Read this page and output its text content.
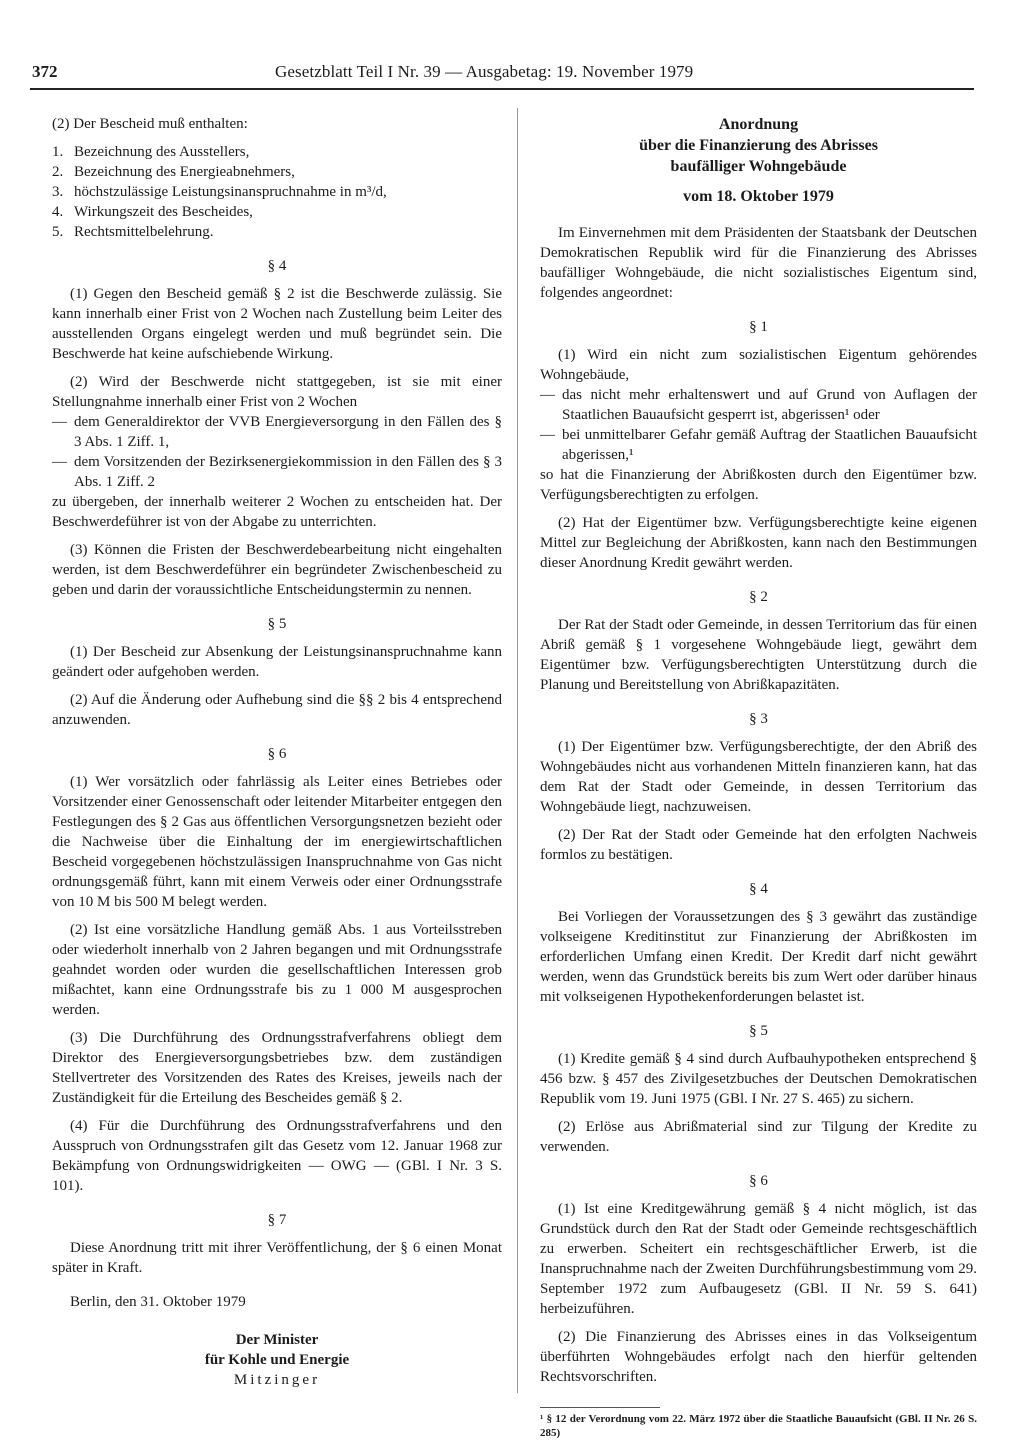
372	Gesetzblatt Teil I Nr. 39 — Ausgabetag: 19. November 1979

(2) Der Bescheid muß enthalten:

1. Bezeichnung des Ausstellers,

2. Bezeichnung des Energieabnehmers,

3. höchstzulässige Leistungsinanspruchnahme in m³/d,

4. Wirkungszeit des Bescheides,

5. Rechtsmittelbelehrung.

§ 4

(1) Gegen den Bescheid gemäß § 2 ist die Beschwerde zulässig. Sie kann innerhalb einer Frist von 2 Wochen nach Zustellung beim Leiter des ausstellenden Organs eingelegt werden und muß begründet sein. Die Beschwerde hat keine aufschiebende Wirkung.

(2) Wird der Beschwerde nicht stattgegeben, ist sie mit einer Stellungnahme innerhalb einer Frist von 2 Wochen

— dem Generaldirektor der VVB Energieversorgung in den Fällen des § 3 Abs. 1 Ziff. 1,

— dem Vorsitzenden der Bezirksenergiekommission in den Fällen des § 3 Abs. 1 Ziff. 2

zu übergeben, der innerhalb weiterer 2 Wochen zu entscheiden hat. Der Beschwerdeführer ist von der Abgabe zu unterrichten.

(3) Können die Fristen der Beschwerdebearbeitung nicht eingehalten werden, ist dem Beschwerdeführer ein begründeter Zwischenbescheid zu geben und darin der voraussichtliche Entscheidungstermin zu nennen.

§ 5

(1) Der Bescheid zur Absenkung der Leistungsinanspruchnahme kann geändert oder aufgehoben werden.

(2) Auf die Änderung oder Aufhebung sind die §§ 2 bis 4 entsprechend anzuwenden.

§ 6

(1) Wer vorsätzlich oder fahrlässig als Leiter eines Betriebes oder Vorsitzender einer Genossenschaft oder leitender Mitarbeiter entgegen den Festlegungen des § 2 Gas aus öffentlichen Versorgungsnetzen bezieht oder die Nachweise über die Einhaltung der im energiewirtschaftlichen Bescheid vorgegebenen höchstzulässigen Inanspruchnahme von Gas nicht ordnungsgemäß führt, kann mit einem Verweis oder einer Ordnungsstrafe von 10 M bis 500 M belegt werden.

(2) Ist eine vorsätzliche Handlung gemäß Abs. 1 aus Vorteilsstreben oder wiederholt innerhalb von 2 Jahren begangen und mit Ordnungsstrafe geahndet worden oder wurden die gesellschaftlichen Interessen grob mißachtet, kann eine Ordnungsstrafe bis zu 1 000 M ausgesprochen werden.

(3) Die Durchführung des Ordnungsstrafverfahrens obliegt dem Direktor des Energieversorgungsbetriebes bzw. dem zuständigen Stellvertreter des Vorsitzenden des Rates des Kreises, jeweils nach der Zuständigkeit für die Erteilung des Bescheides gemäß § 2.

(4) Für die Durchführung des Ordnungsstrafverfahrens und den Ausspruch von Ordnungsstrafen gilt das Gesetz vom 12. Januar 1968 zur Bekämpfung von Ordnungswidrigkeiten — OWG — (GBl. I Nr. 3 S. 101).

§ 7

Diese Anordnung tritt mit ihrer Veröffentlichung, der § 6 einen Monat später in Kraft.

Berlin, den 31. Oktober 1979

Der Minister

für Kohle und Energie

Mitzinger

Anordnung

über die Finanzierung des Abrisses

baufälliger Wohngebäude

vom 18. Oktober 1979

Im Einvernehmen mit dem Präsidenten der Staatsbank der Deutschen Demokratischen Republik wird für die Finanzierung des Abrisses baufälliger Wohngebäude, die nicht sozialistisches Eigentum sind, folgendes angeordnet:

§ 1

(1) Wird ein nicht zum sozialistischen Eigentum gehörendes Wohngebäude,

— das nicht mehr erhaltenswert und auf Grund von Auflagen der Staatlichen Bauaufsicht gesperrt ist, abgerissen¹ oder

— bei unmittelbarer Gefahr gemäß Auftrag der Staatlichen Bauaufsicht abgerissen,¹

so hat die Finanzierung der Abrißkosten durch den Eigentümer bzw. Verfügungsberechtigten zu erfolgen.

(2) Hat der Eigentümer bzw. Verfügungsberechtigte keine eigenen Mittel zur Begleichung der Abrißkosten, kann nach den Bestimmungen dieser Anordnung Kredit gewährt werden.

§ 2

Der Rat der Stadt oder Gemeinde, in dessen Territorium das für einen Abriß gemäß § 1 vorgesehene Wohngebäude liegt, gewährt dem Eigentümer bzw. Verfügungsberechtigten Unterstützung durch die Planung und Bereitstellung von Abrißkapazitäten.

§ 3

(1) Der Eigentümer bzw. Verfügungsberechtigte, der den Abriß des Wohngebäudes nicht aus vorhandenen Mitteln finanzieren kann, hat das dem Rat der Stadt oder Gemeinde, in dessen Territorium das Wohngebäude liegt, nachzuweisen.

(2) Der Rat der Stadt oder Gemeinde hat den erfolgten Nachweis formlos zu bestätigen.

§ 4

Bei Vorliegen der Voraussetzungen des § 3 gewährt das zuständige volkseigene Kreditinstitut zur Finanzierung der Abrißkosten im erforderlichen Umfang einen Kredit. Der Kredit darf nicht gewährt werden, wenn das Grundstück bereits bis zum Wert oder darüber hinaus mit volkseigenen Hypothekenforderungen belastet ist.

§ 5

(1) Kredite gemäß § 4 sind durch Aufbauhypotheken entsprechend § 456 bzw. § 457 des Zivilgesetzbuches der Deutschen Demokratischen Republik vom 19. Juni 1975 (GBl. I Nr. 27 S. 465) zu sichern.

(2) Erlöse aus Abrißmaterial sind zur Tilgung der Kredite zu verwenden.

§ 6

(1) Ist eine Kreditgewährung gemäß § 4 nicht möglich, ist das Grundstück durch den Rat der Stadt oder Gemeinde rechtsgeschäftlich zu erwerben. Scheitert ein rechtsgeschäftlicher Erwerb, ist die Inanspruchnahme nach der Zweiten Durchführungsbestimmung vom 29. September 1972 zum Aufbaugesetz (GBl. II Nr. 59 S. 641) herbeizuführen.

(2) Die Finanzierung des Abrisses eines in das Volkseigentum überführten Wohngebäudes erfolgt nach den hierfür geltenden Rechtsvorschriften.

¹ § 12 der Verordnung vom 22. März 1972 über die Staatliche Bauaufsicht (GBl. II Nr. 26 S. 285)
